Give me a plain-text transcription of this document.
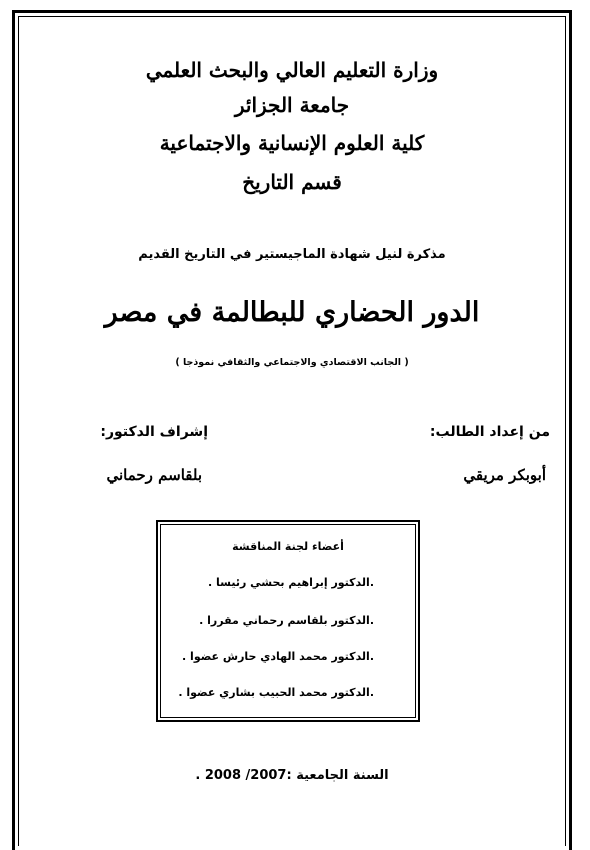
وزارة التعليم العالي والبحث العلمي
جامعة الجزائر
كلية العلوم الإنسانية والاجتماعية
قسم التاريخ
مذكرة لنيل شهادة الماجيستير في التاريخ القديم
الدور الحضاري للبطالمة في مصر
( الجانب الاقتصادي والاجتماعي والثقافي نموذجا )
من إعداد الطالب:
إشراف الدكتور:
أبوبكر مريقي
بلقاسم رحماني
أعضاء لجنة المناقشة
.الدكتور إبراهيم بحشي رئيسا .
.الدكتور بلقاسم رحماني مقررا .
.الدكتور محمد الهادي حارش عضوا .
.الدكتور محمد الحبيب بشاري عضوا .
السنة الجامعية :2007/ 2008 .
